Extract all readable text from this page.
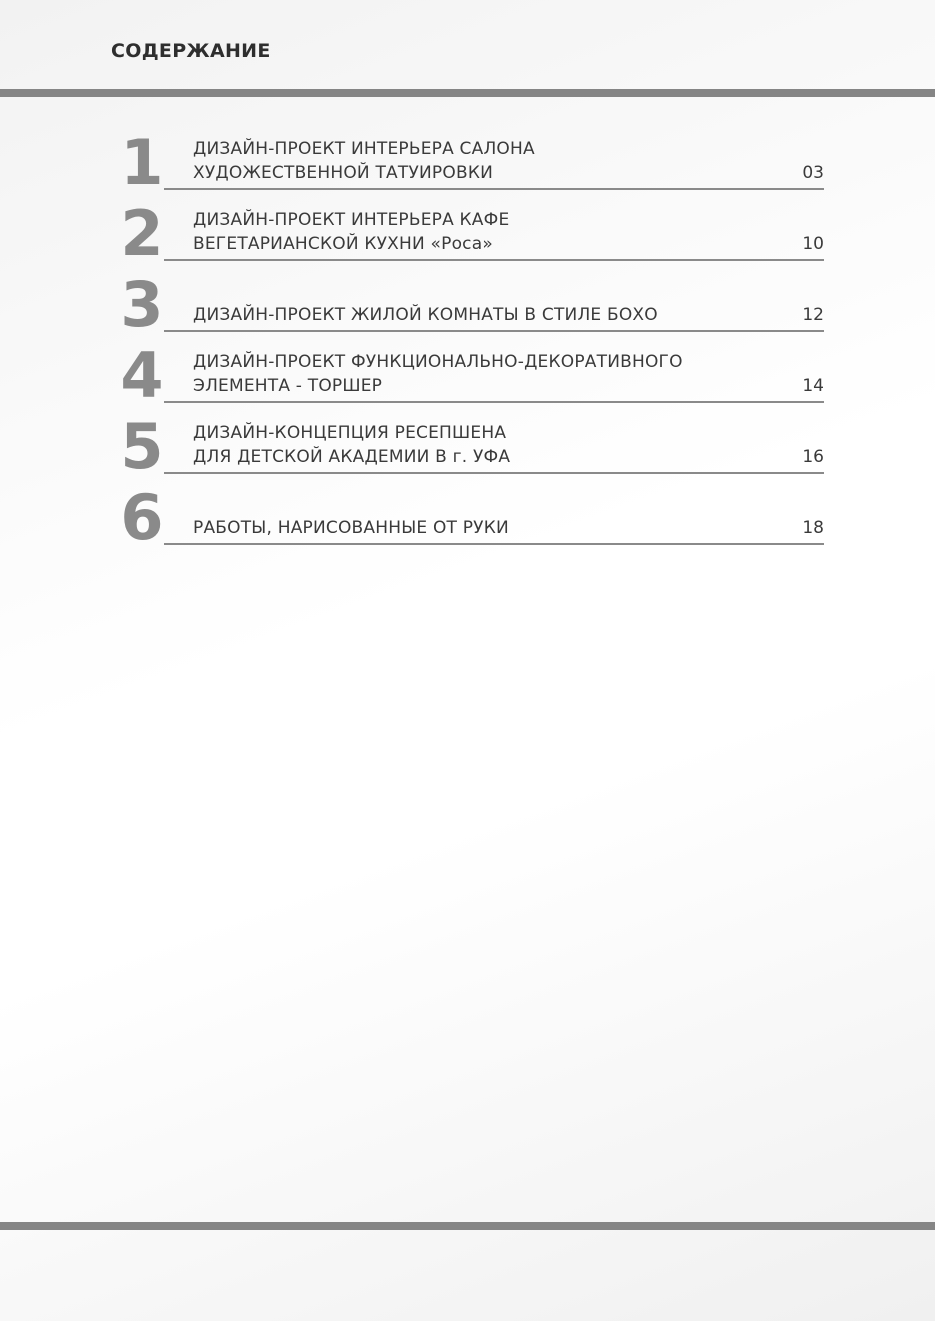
СОДЕРЖАНИЕ
1	ДИЗАЙН-ПРОЕКТ ИНТЕРЬЕРА САЛОНА
ХУДОЖЕСТВЕННОЙ ТАТУИРОВКИ	03
2	ДИЗАЙН-ПРОЕКТ ИНТЕРЬЕРА КАФЕ
ВЕГЕТАРИАНСКОЙ КУХНИ «Роса»	10
3	ДИЗАЙН-ПРОЕКТ ЖИЛОЙ КОМНАТЫ В СТИЛЕ БОХО	12
4	ДИЗАЙН-ПРОЕКТ ФУНКЦИОНАЛЬНО-ДЕКОРАТИВНОГО
ЭЛЕМЕНТА - ТОРШЕР	14
5	ДИЗАЙН-КОНЦЕПЦИЯ РЕСЕПШЕНА
ДЛЯ ДЕТСКОЙ АКАДЕМИИ В г. УФА	16
6	РАБОТЫ, НАРИСОВАННЫЕ ОТ РУКИ	18
